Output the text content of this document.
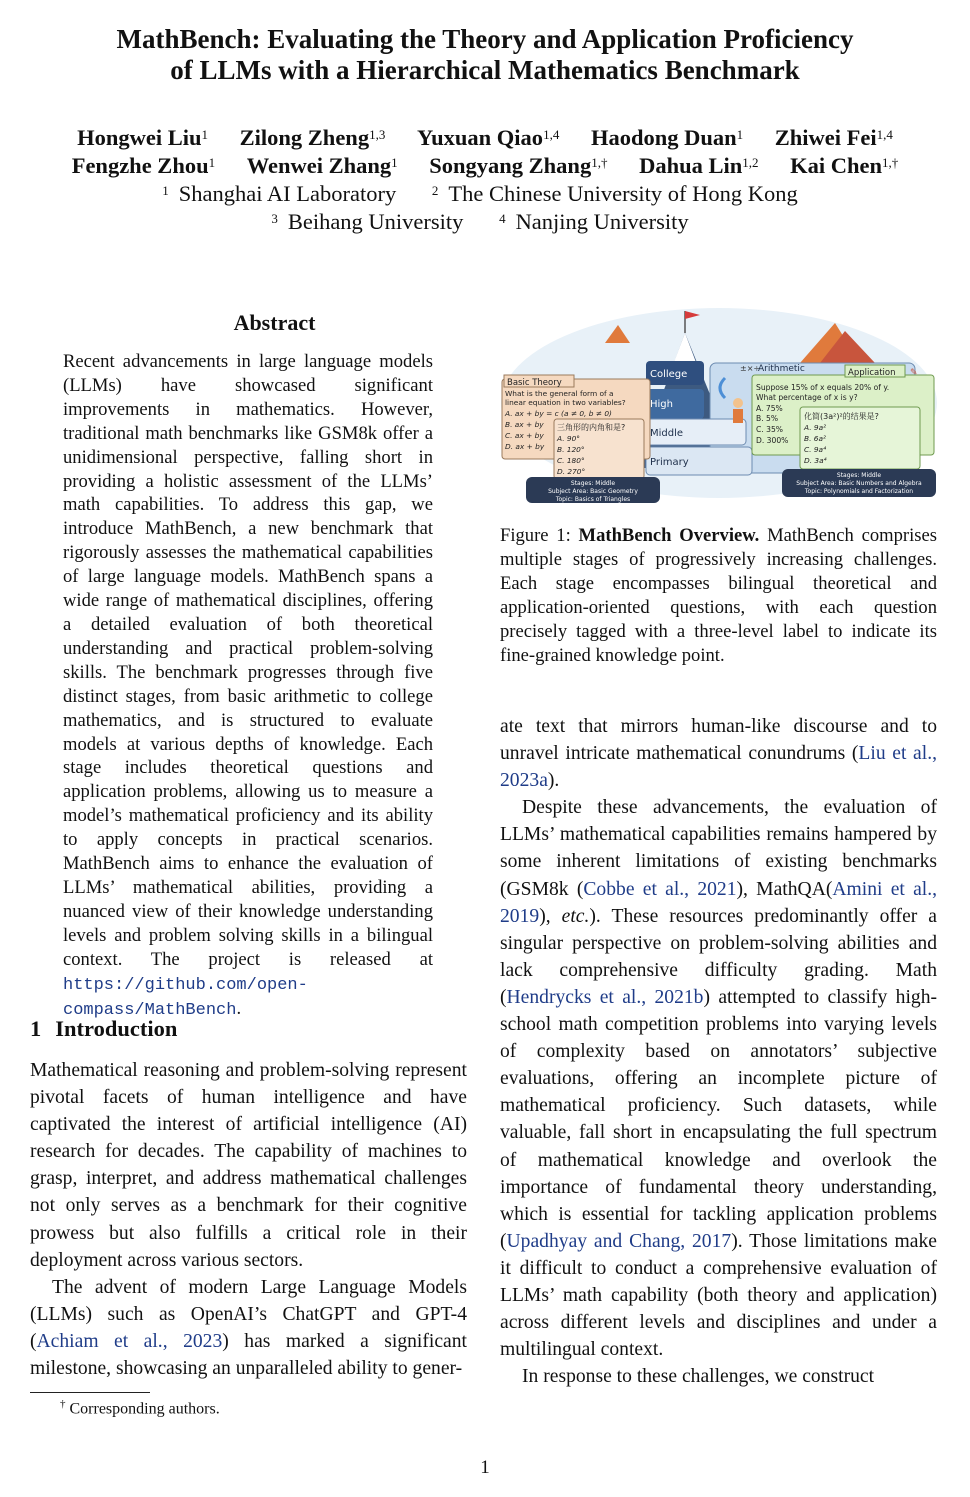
MathBench: Evaluating the Theory and Application Proficiency
of LLMs with a Hierarchical Mathematics Benchmark
Hongwei Liu$^1$ Zilong Zheng$^{1,3}$ Yuxuan Qiao$^{1,4}$ Haodong Duan$^1$ Zhiwei Fei$^{1,4}$
Fengzhe Zhou$^1$ Wenwei Zhang$^1$ Songyang Zhang$^{1,\dagger}$ Dahua Lin$^{1,2}$ Kai Chen$^{1,\dagger}$
$^1$ Shanghai AI Laboratory	$^2$ The Chinese University of Hong Kong
$^3$ Beihang University	$^4$ Nanjing University
Abstract
Recent advancements in large language models (LLMs) have showcased significant improvements in mathematics. However, traditional math benchmarks like GSM8k offer a unidimensional perspective, falling short in providing a holistic assessment of the LLMs’ math capabilities. To address this gap, we introduce MathBench, a new benchmark that rigorously assesses the mathematical capabilities of large language models. MathBench spans a wide range of mathematical disciplines, offering a detailed evaluation of both theoretical understanding and practical problem-solving skills. The benchmark progresses through five distinct stages, from basic arithmetic to college mathematics, and is structured to evaluate models at various depths of knowledge. Each stage includes theoretical questions and application problems, allowing us to measure a model’s mathematical proficiency and its ability to apply concepts in practical scenarios. MathBench aims to enhance the evaluation of LLMs’ mathematical abilities, providing a nuanced view of their knowledge understanding levels and problem solving skills in a bilingual context. The project is released at https://github.com/open-compass/MathBench.
College
High
Middle
Primary
±×÷
Arithmetic
Basic Theory
What is the general form of a
linear equation in two variables?
A. ax + by = c (a ≠ 0, b ≠ 0)
B. ax + by
C. ax + by
D. ax + by
三角形的内角和是?
A. 90°
B. 120°
C. 180°
D. 270°
Application ✎
Suppose 15% of x equals 20% of y.
What percentage of x is y?
A. 75%
B. 5%
C. 35%
D. 300%
化简(3a²)²的结果是?
A. 9a²
B. 6a²
C. 9a⁴
D. 3a⁴
Stages: Middle
Subject Area: Basic Geometry
Topic: Basics of Triangles
Stages: Middle
Subject Area: Basic Numbers and Algebra
Topic: Polynomials and Factorization
Figure 1: MathBench Overview. MathBench comprises multiple stages of progressively increasing challenges. Each stage encompasses bilingual theoretical and application-oriented questions, with each question precisely tagged with a three-level label to indicate its fine-grained knowledge point.
1 Introduction

Mathematical reasoning and problem-solving represent pivotal facets of human intelligence and have captivated the interest of artificial intelligence (AI) research for decades. The capability of machines to grasp, interpret, and address mathematical challenges not only serves as a benchmark for their cognitive prowess but also fulfills a critical role in their deployment across various sectors.

The advent of modern Large Language Models (LLMs) such as OpenAI’s ChatGPT and GPT-4 (Achiam et al., 2023) has marked a significant milestone, showcasing an unparalleled ability to gener-

† Corresponding authors.

ate text that mirrors human-like discourse and to unravel intricate mathematical conundrums (Liu et al., 2023a).

Despite these advancements, the evaluation of LLMs’ mathematical capabilities remains hampered by some inherent limitations of existing benchmarks (GSM8k (Cobbe et al., 2021), MathQA(Amini et al., 2019), etc.). These resources predominantly offer a singular perspective on problem-solving abilities and lack comprehensive difficulty grading. Math (Hendrycks et al., 2021b) attempted to classify high-school math competition problems into varying levels of complexity based on annotators’ subjective evaluations, offering an incomplete picture of mathematical proficiency. Such datasets, while valuable, fall short in encapsulating the full spectrum of mathematical knowledge and overlook the importance of fundamental theory understanding, which is essential for tackling application problems (Upadhyay and Chang, 2017). Those limitations make it difficult to conduct a comprehensive evaluation of LLMs’ math capability (both theory and application) across different levels and disciplines and under a multilingual context.

In response to these challenges, we construct

1
